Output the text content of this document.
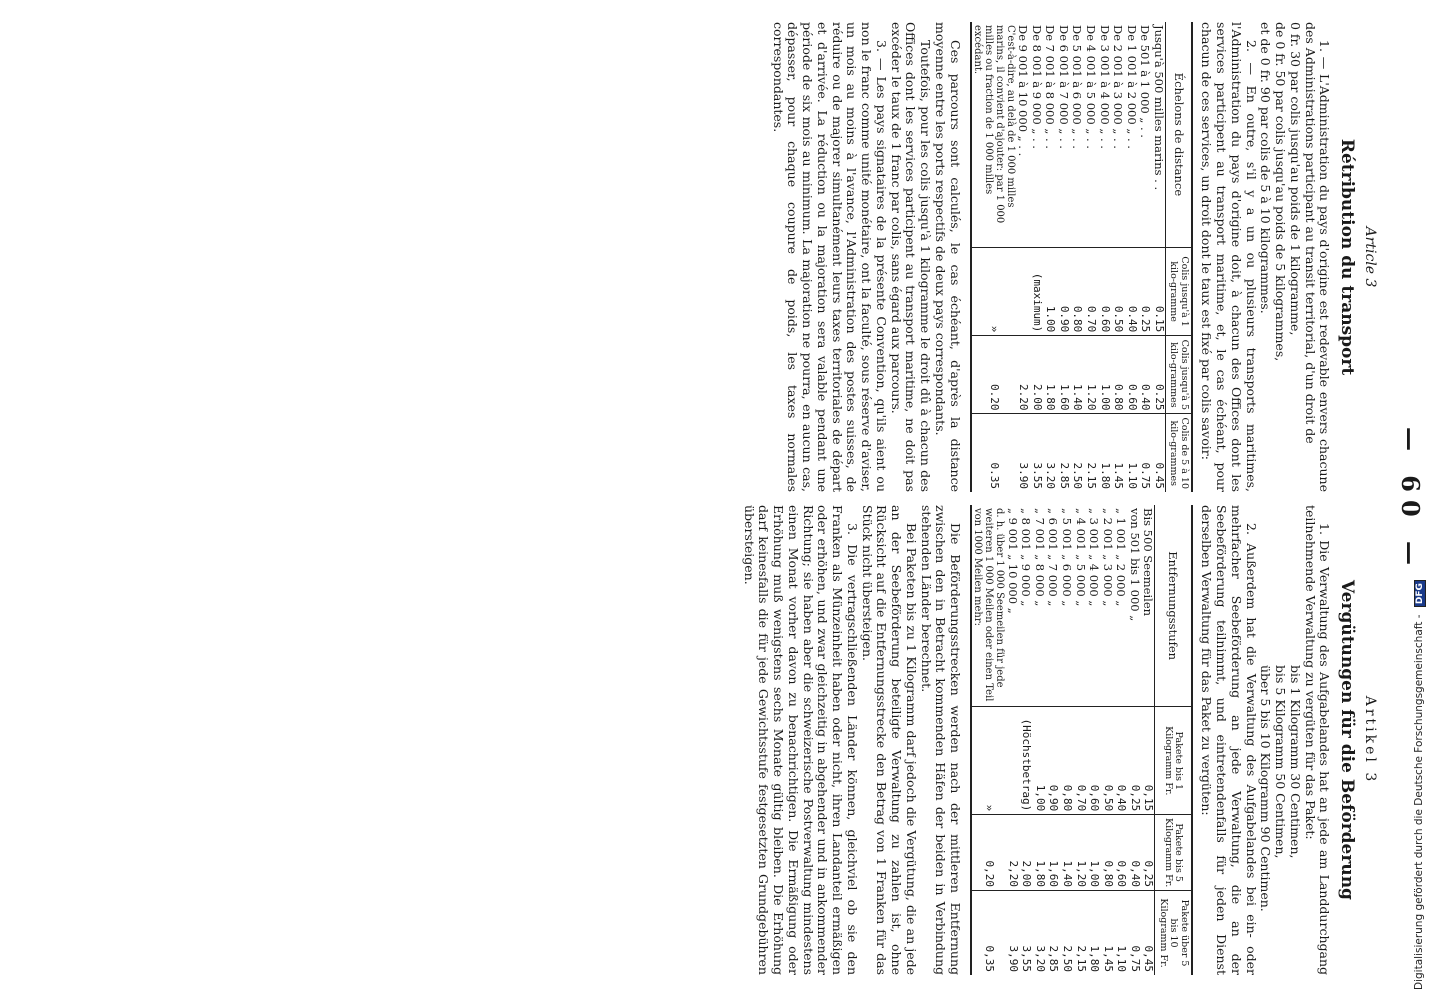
— 60 —
Article 3
Rétribution du transport

1. — L'Administration du pays d'origine est redevable envers chacune des Administrations participant au transit territorial, d'un droit de

0 fr. 30 par colis jusqu'au poids de 1 kilogramme,

de 0 fr. 50 par colis jusqu'au poids de 5 kilogrammes,

et de 0 fr. 90 par colis de 5 à 10 kilogrammes.

2. — En outre, s'il y a un ou plusieurs transports maritimes, l'Administration du pays d'origine doit, à chacun des Offices dont les services participent au transport maritime, et, le cas échéant, pour chacun de ces services, un droit dont le taux est fixé par colis savoir:

Échelons de distance	Colis jusqu'à 1 kilo-gramme	Colis jusqu'à 5 kilo-grammes	Colis de 5 à 10 kilo-grammes
Jusqu'à 500 milles marins . .	0.15	0.25	0.45
De 501 à 1 000 „ . .	0.25	0.40	0.75
De 1 001 à 2 000 „ . .	0.40	0.60	1.10
De 2 001 à 3 000 „ . .	0.50	0.80	1.45
De 3 001 à 4 000 „ . .	0.60	1.00	1.80
De 4 001 à 5 000 „ . .	0.70	1.20	2.15
De 5 001 à 6 000 „ . .	0.80	1.40	2.50
De 6 001 à 7 000 „ . .	0.90	1.60	2.85
De 7 001 à 8 000 „ . .	1.00	1.80	3.20
De 8 001 à 9 000 „ . .	(maximum)	2.00	3.55
De 9 001 à 10 000 „ . .		2.20	3.90
C'est-à-dire, au delà de 1 000 milles marins, il convient d'ajouter: par 1 000 milles ou fraction de 1 000 milles excédant.	»	0.20	0.35

Ces parcours sont calculés, le cas échéant, d'après la distance moyenne entre les ports respectifs de deux pays correspondants.

Toutefois, pour les colis jusqu'à 1 kilogramme le droit dû à chacun des Offices dont les services participent au transport maritime, ne doit pas excéder le taux de 1 franc par colis, sans égard aux parcours.

3. — Les pays signataires de la présente Convention, qu'ils aient ou non le franc comme unité monétaire, ont la faculté, sous réserve d'aviser, un mois au moins à l'avance, l'Administration des postes suisses, de réduire ou de majorer simultanément leurs taxes territoriales de départ et d'arrivée. La réduction ou la majoration sera valable pendant une période de six mois au minimum. La majoration ne pourra, en aucun cas, dépasser, pour chaque coupure de poids, les taxes normales correspondantes.

Artikel 3
Vergütungen für die Beförderung

1. Die Verwaltung des Aufgabelandes hat an jede am Landdurchgang teilnehmende Verwaltung zu vergüten für das Paket:

bis 1 Kilogramm 30 Centimen,

bis 5 Kilogramm 50 Centimen,

über 5 bis 10 Kilogramm 90 Centimen.

2. Außerdem hat die Verwaltung des Aufgabelandes bei ein- oder mehrfacher Seebeförderung an jede Verwaltung, die an der Seebeförderung teilnimmt, und eintretendenfalls für jeden Dienst derselben Verwaltung für das Paket zu vergüten:

Entfernungsstufen	Pakete bis 1 Kilogramm Fr.	Pakete bis 5 Kilogramm Fr.	Pakete über 5 bis 10 Kilogramm Fr.
Bis 500 Seemeilen	0,15	0,25	0,45
von 501 bis 1 000 „	0,25	0,40	0,75
„ 1 001 „ 2 000 „	0,40	0,60	1,10
„ 2 001 „ 3 000 „	0,50	0,80	1,45
„ 3 001 „ 4 000 „	0,60	1,00	1,80
„ 4 001 „ 5 000 „	0,70	1,20	2,15
„ 5 001 „ 6 000 „	0,80	1,40	2,50
„ 6 001 „ 7 000 „	0,90	1,60	2,85
„ 7 001 „ 8 000 „	1,00	1,80	3,20
„ 8 001 „ 9 000 „	(Höchstbetrag)	2,00	3,55
„ 9 001 „ 10 000 „		2,20	3,90
d. h. über 1 000 Seemeilen für jede weiteren 1 000 Meilen oder einen Teil von 1000 Meilen mehr:	»	0,20	0,35

Die Beförderungsstrecken werden nach der mittleren Entfernung zwischen den in Betracht kommenden Häfen der beiden in Verbindung stehenden Länder berechnet.

Bei Paketen bis zu 1 Kilogramm darf jedoch die Vergütung, die an jede an der Seebeförderung beteiligte Verwaltung zu zahlen ist, ohne Rücksicht auf die Entfernungsstrecke den Betrag von 1 Franken für das Stück nicht übersteigen.

3. Die vertragschließenden Länder können, gleichviel ob sie den Franken als Münzeinheit haben oder nicht, ihren Landanteil ermäßigen oder erhöhen, und zwar gleichzeitig in abgehender und in ankommender Richtung; sie haben aber die schweizerische Postverwaltung mindestens einen Monat vorher davon zu benachrichtigen. Die Ermäßigung oder Erhöhung muß wenigstens sechs Monate gültig bleiben. Die Erhöhung darf keinesfalls die für jede Gewichtsstufe festgesetzten Grundgebühren übersteigen.

Digitalisierung gefördert durch die Deutsche Forschungsgemeinschaft - DFG
